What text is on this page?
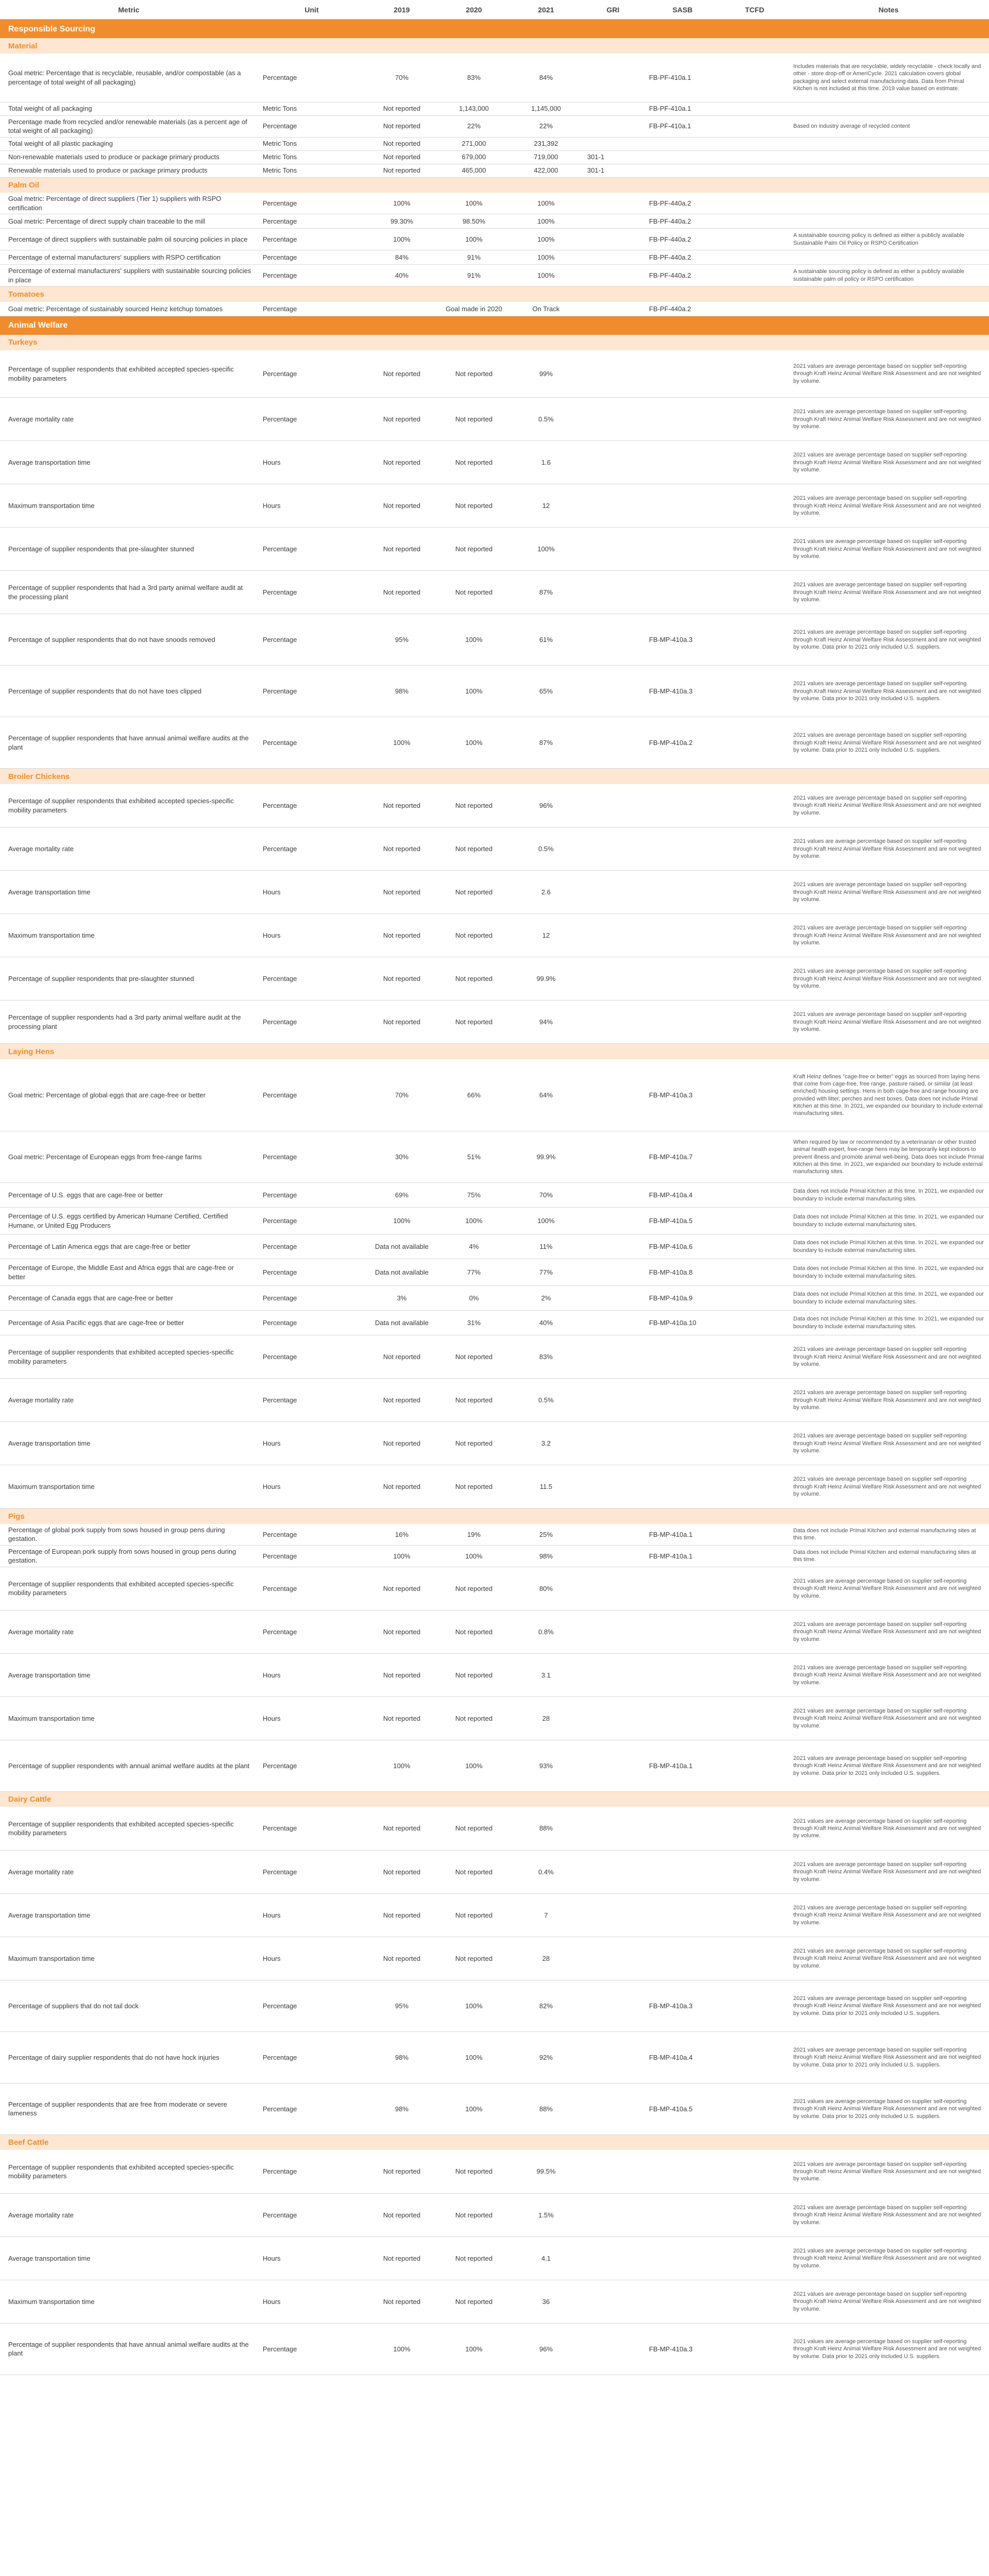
Metric	Unit	2019	2020	2021	GRI	SASB	TCFD	Notes
Responsible Sourcing								
Material								
Goal metric: Percentage that is recyclable, reusable, and/or compostable (as a percentage of total weight of all packaging)	Percentage	70%	83%	84%		FB-PF-410a.1		Includes materials that are recyclable, widely recyclable - check locally and other - store drop-off or AmeriCycle. 2021 calculation covers global packaging and select external manufacturing data. Data from Primal Kitchen is not included at this time. 2019 value based on estimate.
Total weight of all packaging	Metric Tons	Not reported	1,143,000	1,145,000		FB-PF-410a.1		
Percentage made from recycled and/or renewable materials (as a percent age of total weight of all packaging)	Percentage	Not reported	22%	22%		FB-PF-410a.1		Based on industry average of recycled content
Total weight of all plastic packaging	Metric Tons	Not reported	271,000	231,392				
Non-renewable materials used to produce or package primary products	Metric Tons	Not reported	679,000	719,000	301-1			
Renewable materials used to produce or package primary products	Metric Tons	Not reported	465,000	422,000	301-1			
Palm Oil								
Goal metric: Percentage of direct suppliers (Tier 1) suppliers with RSPO certification	Percentage	100%	100%	100%		FB-PF-440a.2		
Goal metric: Percentage of direct supply chain traceable to the mill	Percentage	99.30%	98.50%	100%		FB-PF-440a.2		
Percentage of direct suppliers with sustainable palm oil sourcing policies in place	Percentage	100%	100%	100%		FB-PF-440a.2		A sustainable sourcing policy is defined as either a publicly available Sustainable Palm Oil Policy or RSPO Certification
Percentage of external manufacturers' suppliers with RSPO certification	Percentage	84%	91%	100%		FB-PF-440a.2		
Percentage of external manufacturers' suppliers with sustainable sourcing policies in place	Percentage	40%	91%	100%		FB-PF-440a.2		A sustainable sourcing policy is defined as either a publicly available sustainable palm oil policy or RSPO certification
Tomatoes								
Goal metric: Percentage of sustainably sourced Heinz ketchup tomatoes	Percentage		Goal made in 2020	On Track		FB-PF-440a.2		
Animal Welfare								
Turkeys								
Percentage of supplier respondents that exhibited accepted species-specific mobility parameters	Percentage	Not reported	Not reported	99%				2021 values are average percentage based on supplier self-reporting through Kraft Heinz Animal Welfare Risk Assessment and are not weighted by volume.
Average mortality rate	Percentage	Not reported	Not reported	0.5%				2021 values are average percentage based on supplier self-reporting through Kraft Heinz Animal Welfare Risk Assessment and are not weighted by volume.
Average transportation time	Hours	Not reported	Not reported	1.6				2021 values are average percentage based on supplier self-reporting through Kraft Heinz Animal Welfare Risk Assessment and are not weighted by volume.
Maximum transportation time	Hours	Not reported	Not reported	12				2021 values are average percentage based on supplier self-reporting through Kraft Heinz Animal Welfare Risk Assessment and are not weighted by volume.
Percentage of supplier respondents that pre-slaughter stunned	Percentage	Not reported	Not reported	100%				2021 values are average percentage based on supplier self-reporting through Kraft Heinz Animal Welfare Risk Assessment and are not weighted by volume.
Percentage of supplier respondents that had a 3rd party animal welfare audit at the processing plant	Percentage	Not reported	Not reported	87%				2021 values are average percentage based on supplier self-reporting through Kraft Heinz Animal Welfare Risk Assessment and are not weighted by volume.
Percentage of supplier respondents that do not have snoods removed	Percentage	95%	100%	61%		FB-MP-410a.3		2021 values are average percentage based on supplier self-reporting through Kraft Heinz Animal Welfare Risk Assessment and are not weighted by volume. Data prior to 2021 only included U.S. suppliers.
Percentage of supplier respondents that do not have toes clipped	Percentage	98%	100%	65%		FB-MP-410a.3		2021 values are average percentage based on supplier self-reporting through Kraft Heinz Animal Welfare Risk Assessment and are not weighted by volume. Data prior to 2021 only included U.S. suppliers.
Percentage of supplier respondents that have annual animal welfare audits at the plant	Percentage	100%	100%	87%		FB-MP-410a.2		2021 values are average percentage based on supplier self-reporting through Kraft Heinz Animal Welfare Risk Assessment and are not weighted by volume. Data prior to 2021 only included U.S. suppliers.
Broiler Chickens								
Percentage of supplier respondents that exhibited accepted species-specific mobility parameters	Percentage	Not reported	Not reported	96%				2021 values are average percentage based on supplier self-reporting through Kraft Heinz Animal Welfare Risk Assessment and are not weighted by volume.
Average mortality rate	Percentage	Not reported	Not reported	0.5%				2021 values are average percentage based on supplier self-reporting through Kraft Heinz Animal Welfare Risk Assessment and are not weighted by volume.
Average transportation time	Hours	Not reported	Not reported	2.6				2021 values are average percentage based on supplier self-reporting through Kraft Heinz Animal Welfare Risk Assessment and are not weighted by volume.
Maximum transportation time	Hours	Not reported	Not reported	12				2021 values are average percentage based on supplier self-reporting through Kraft Heinz Animal Welfare Risk Assessment and are not weighted by volume.
Percentage of supplier respondents that pre-slaughter stunned	Percentage	Not reported	Not reported	99.9%				2021 values are average percentage based on supplier self-reporting through Kraft Heinz Animal Welfare Risk Assessment and are not weighted by volume.
Percentage of supplier respondents had a 3rd party animal welfare audit at the processing plant	Percentage	Not reported	Not reported	94%				2021 values are average percentage based on supplier self-reporting through Kraft Heinz Animal Welfare Risk Assessment and are not weighted by volume.
Laying Hens								
Goal metric: Percentage of global eggs that are cage-free or better	Percentage	70%	66%	64%		FB-MP-410a.3		Kraft Heinz defines "cage-free or better" eggs as sourced from laying hens that come from cage-free, free range, pasture raised, or similar (at least enriched) housing settings. Hens in both cage-free and range housing are provided with litter, perches and nest boxes. Data does not include Primal Kitchen at this time. In 2021, we expanded our boundary to include external manufacturing sites.
Goal metric: Percentage of European eggs from free-range farms	Percentage	30%	51%	99.9%		FB-MP-410a.7		When required by law or recommended by a veterinarian or other trusted animal health expert, free-range hens may be temporarily kept indoors to prevent illness and promote animal well-being. Data does not include Primal Kitchen at this time. In 2021, we expanded our boundary to include external manufacturing sites.
Percentage of U.S. eggs that are cage-free or better	Percentage	69%	75%	70%		FB-MP-410a.4		Data does not include Primal Kitchen at this time. In 2021, we expanded our boundary to include external manufacturing sites.
Percentage of U.S. eggs certified by American Humane Certified, Certified Humane, or United Egg Producers	Percentage	100%	100%	100%		FB-MP-410a.5		Data does not include Primal Kitchen at this time. In 2021, we expanded our boundary to include external manufacturing sites.
Percentage of Latin America eggs that are cage-free or better	Percentage	Data not available	4%	11%		FB-MP-410a.6		Data does not include Primal Kitchen at this time. In 2021, we expanded our boundary to include external manufacturing sites.
Percentage of Europe, the Middle East and Africa eggs that are cage-free or better	Percentage	Data not available	77%	77%		FB-MP-410a.8		Data does not include Primal Kitchen at this time. In 2021, we expanded our boundary to include external manufacturing sites.
Percentage of Canada eggs that are cage-free or better	Percentage	3%	0%	2%		FB-MP-410a.9		Data does not include Primal Kitchen at this time. In 2021, we expanded our boundary to include external manufacturing sites.
Percentage of Asia Pacific eggs that are cage-free or better	Percentage	Data not available	31%	40%		FB-MP-410a.10		Data does not include Primal Kitchen at this time. In 2021, we expanded our boundary to include external manufacturing sites.
Percentage of supplier respondents that exhibited accepted species-specific mobility parameters	Percentage	Not reported	Not reported	83%				2021 values are average percentage based on supplier self-reporting through Kraft Heinz Animal Welfare Risk Assessment and are not weighted by volume.
Average mortality rate	Percentage	Not reported	Not reported	0.5%				2021 values are average percentage based on supplier self-reporting through Kraft Heinz Animal Welfare Risk Assessment and are not weighted by volume.
Average transportation time	Hours	Not reported	Not reported	3.2				2021 values are average percentage based on supplier self-reporting through Kraft Heinz Animal Welfare Risk Assessment and are not weighted by volume.
Maximum transportation time	Hours	Not reported	Not reported	11.5				2021 values are average percentage based on supplier self-reporting through Kraft Heinz Animal Welfare Risk Assessment and are not weighted by volume.
Pigs								
Percentage of global pork supply from sows housed in group pens during gestation.	Percentage	16%	19%	25%		FB-MP-410a.1		Data does not include Primal Kitchen and external manufacturing sites at this time.
Percentage of European pork supply from sows housed in group pens during gestation.	Percentage	100%	100%	98%		FB-MP-410a.1		Data does not include Primal Kitchen and external manufacturing sites at this time.
Percentage of supplier respondents that exhibited accepted species-specific mobility parameters	Percentage	Not reported	Not reported	80%				2021 values are average percentage based on supplier self-reporting through Kraft Heinz Animal Welfare Risk Assessment and are not weighted by volume.
Average mortality rate	Percentage	Not reported	Not reported	0.8%				2021 values are average percentage based on supplier self-reporting through Kraft Heinz Animal Welfare Risk Assessment and are not weighted by volume.
Average transportation time	Hours	Not reported	Not reported	3.1				2021 values are average percentage based on supplier self-reporting through Kraft Heinz Animal Welfare Risk Assessment and are not weighted by volume.
Maximum transportation time	Hours	Not reported	Not reported	28				2021 values are average percentage based on supplier self-reporting through Kraft Heinz Animal Welfare Risk Assessment and are not weighted by volume.
Percentage of supplier respondents with annual animal welfare audits at the plant	Percentage	100%	100%	93%		FB-MP-410a.1		2021 values are average percentage based on supplier self-reporting through Kraft Heinz Animal Welfare Risk Assessment and are not weighted by volume. Data prior to 2021 only included U.S. suppliers.
Dairy Cattle								
Percentage of supplier respondents that exhibited accepted species-specific mobility parameters	Percentage	Not reported	Not reported	88%				2021 values are average percentage based on supplier self-reporting through Kraft Heinz Animal Welfare Risk Assessment and are not weighted by volume.
Average mortality rate	Percentage	Not reported	Not reported	0.4%				2021 values are average percentage based on supplier self-reporting through Kraft Heinz Animal Welfare Risk Assessment and are not weighted by volume.
Average transportation time	Hours	Not reported	Not reported	7				2021 values are average percentage based on supplier self-reporting through Kraft Heinz Animal Welfare Risk Assessment and are not weighted by volume.
Maximum transportation time	Hours	Not reported	Not reported	28				2021 values are average percentage based on supplier self-reporting through Kraft Heinz Animal Welfare Risk Assessment and are not weighted by volume.
Percentage of suppliers that do not tail dock	Percentage	95%	100%	82%		FB-MP-410a.3		2021 values are average percentage based on supplier self-reporting through Kraft Heinz Animal Welfare Risk Assessment and are not weighted by volume. Data prior to 2021 only included U.S. suppliers.
Percentage of dairy supplier respondents that do not have hock injuries	Percentage	98%	100%	92%		FB-MP-410a.4		2021 values are average percentage based on supplier self-reporting through Kraft Heinz Animal Welfare Risk Assessment and are not weighted by volume. Data prior to 2021 only included U.S. suppliers.
Percentage of supplier respondents that are free from moderate or severe lameness	Percentage	98%	100%	88%		FB-MP-410a.5		2021 values are average percentage based on supplier self-reporting through Kraft Heinz Animal Welfare Risk Assessment and are not weighted by volume. Data prior to 2021 only included U.S. suppliers.
Beef Cattle								
Percentage of supplier respondents that exhibited accepted species-specific mobility parameters	Percentage	Not reported	Not reported	99.5%				2021 values are average percentage based on supplier self-reporting through Kraft Heinz Animal Welfare Risk Assessment and are not weighted by volume.
Average mortality rate	Percentage	Not reported	Not reported	1.5%				2021 values are average percentage based on supplier self-reporting through Kraft Heinz Animal Welfare Risk Assessment and are not weighted by volume.
Average transportation time	Hours	Not reported	Not reported	4.1				2021 values are average percentage based on supplier self-reporting through Kraft Heinz Animal Welfare Risk Assessment and are not weighted by volume.
Maximum transportation time	Hours	Not reported	Not reported	36				2021 values are average percentage based on supplier self-reporting through Kraft Heinz Animal Welfare Risk Assessment and are not weighted by volume.
Percentage of supplier respondents that have annual animal welfare audits at the plant	Percentage	100%	100%	96%		FB-MP-410a.3		2021 values are average percentage based on supplier self-reporting through Kraft Heinz Animal Welfare Risk Assessment and are not weighted by volume. Data prior to 2021 only included U.S. suppliers.
